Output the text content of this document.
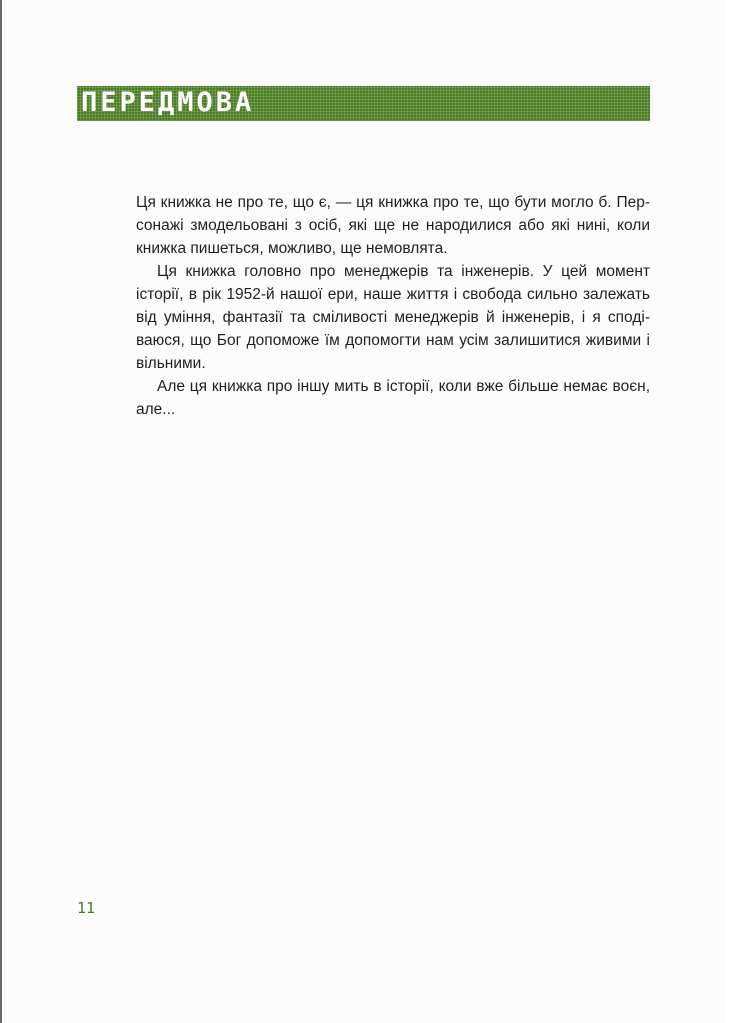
ПЕРЕДМОВА

Ця книжка не про те, що є, — ця книжка про те, що бути могло б. Персонажі змодельовані з осіб, які ще не народилися або які нині, коли книжка пишеться, можливо, ще немовлята.

Ця книжка головно про менеджерів та інженерів. У цей момент історії, в рік 1952-й нашої ери, наше життя і свобода сильно залежать від уміння, фантазії та сміливості менеджерів й інженерів, і я сподіваюся, що Бог допоможе їм допомогти нам усім залишитися живими і вільними.

Але ця книжка про іншу мить в історії, коли вже більше немає воєн, але...

11
